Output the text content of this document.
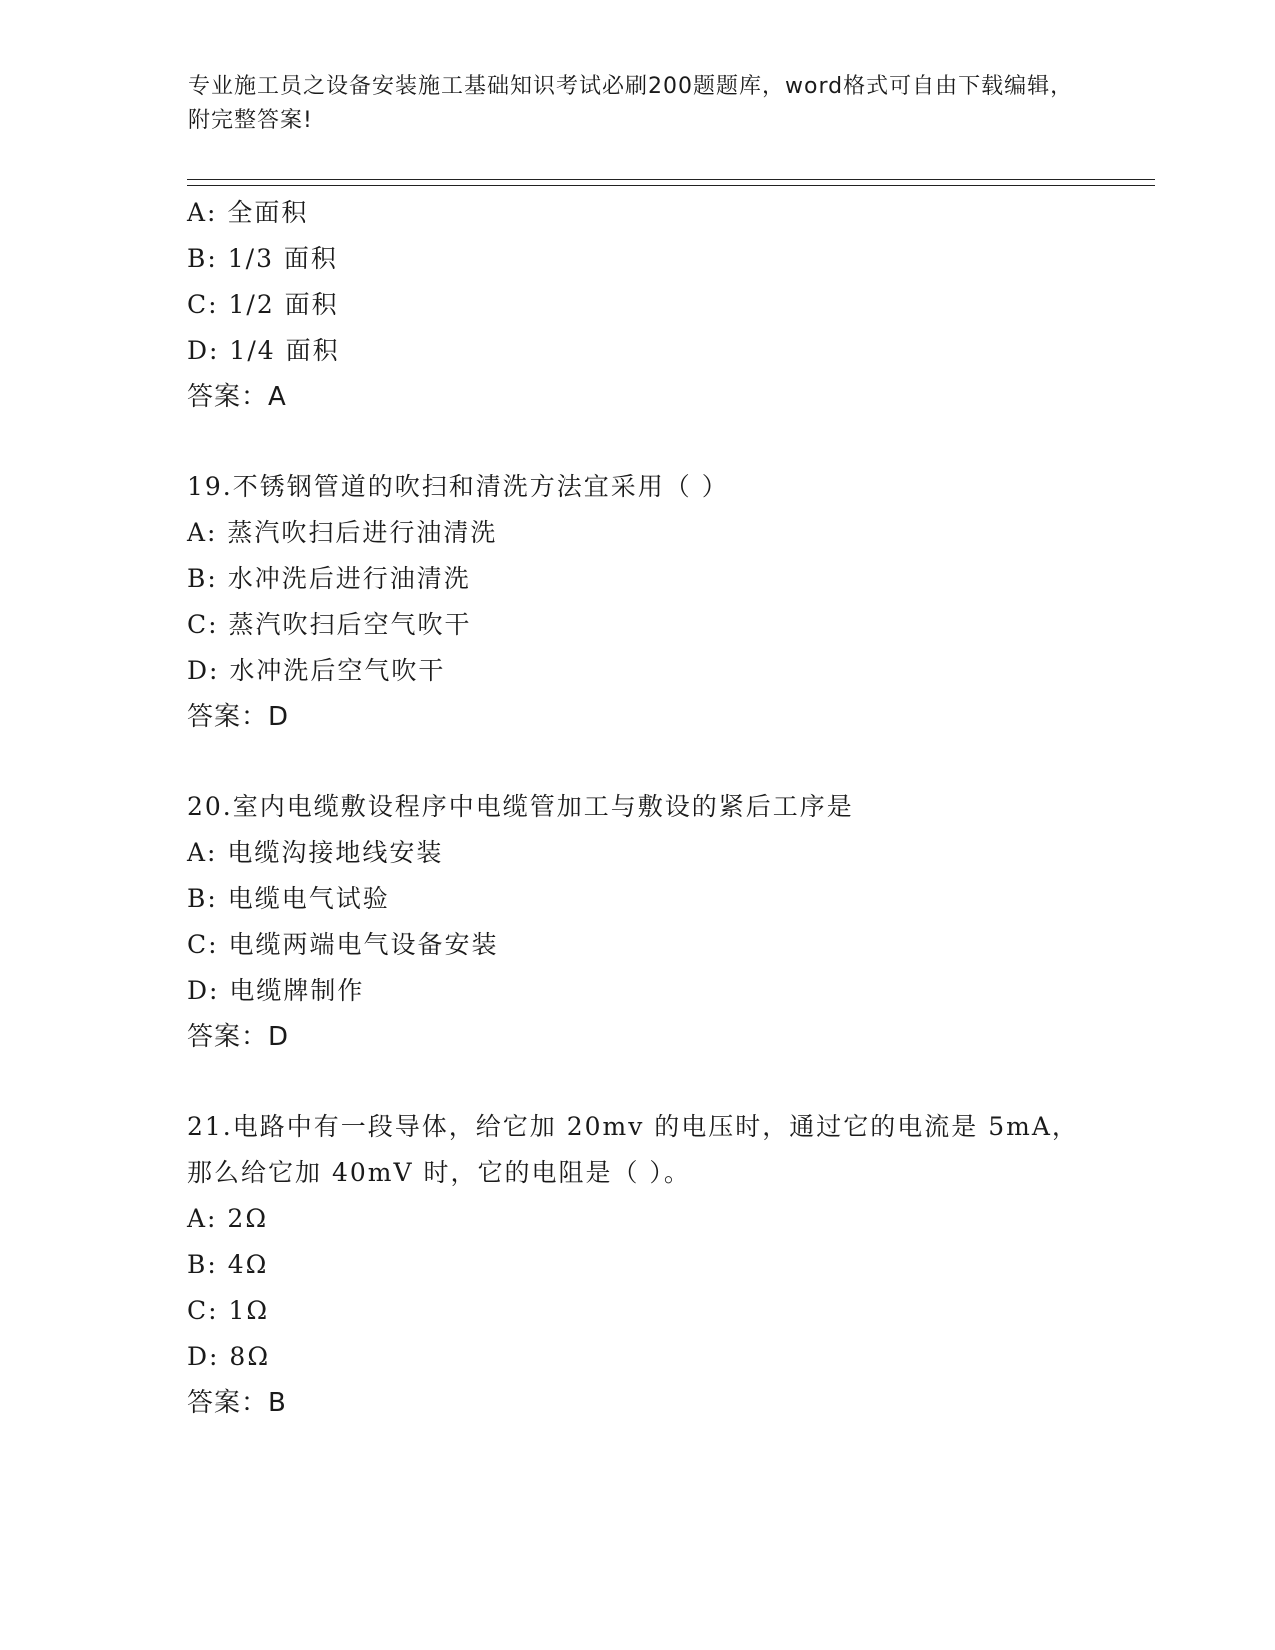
专业施工员之设备安装施工基础知识考试必刷200题题库，word格式可自由下载编辑，附完整答案!
A: 全面积
B: 1/3 面积
C: 1/2 面积
D: 1/4 面积
答案：A
19.不锈钢管道的吹扫和清洗方法宜采用（ ）
A: 蒸汽吹扫后进行油清洗
B: 水冲洗后进行油清洗
C: 蒸汽吹扫后空气吹干
D: 水冲洗后空气吹干
答案：D
20.室内电缆敷设程序中电缆管加工与敷设的紧后工序是
A: 电缆沟接地线安装
B: 电缆电气试验
C: 电缆两端电气设备安装
D: 电缆牌制作
答案：D
21.电路中有一段导体，给它加 20mv 的电压时，通过它的电流是 5mA，
那么给它加 40mV 时，它的电阻是（ ）。
A: 2Ω
B: 4Ω
C: 1Ω
D: 8Ω
答案：B
